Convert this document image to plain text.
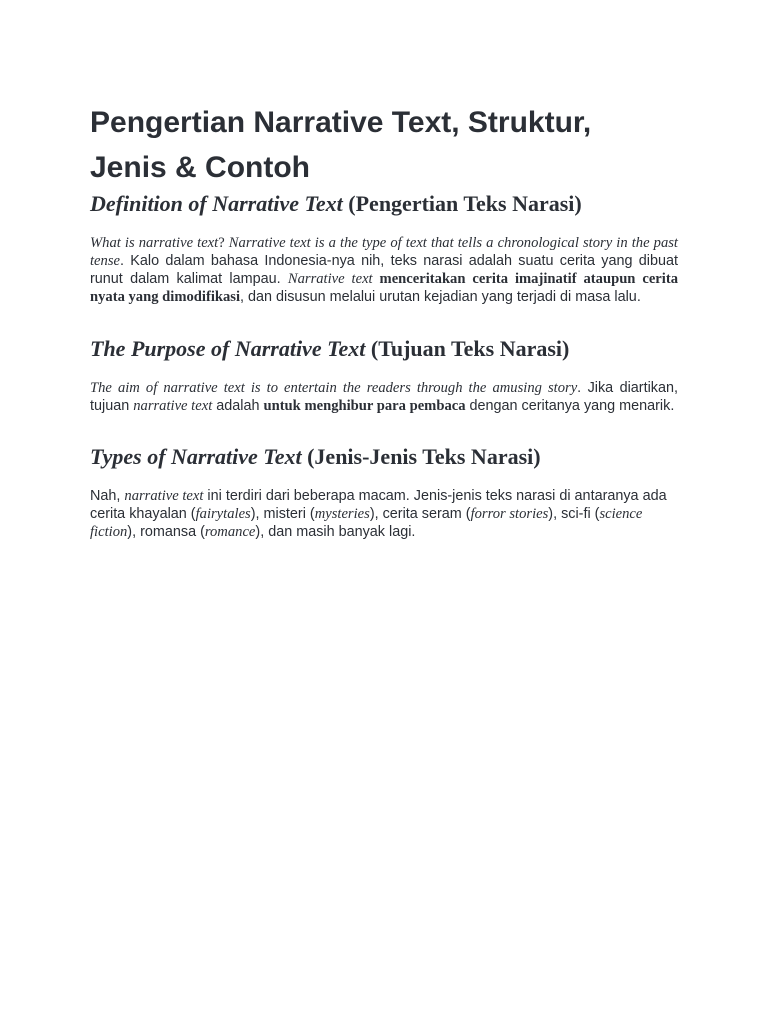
Pengertian Narrative Text, Struktur,
Jenis & Contoh
Definition of Narrative Text (Pengertian Teks Narasi)

What is narrative text? Narrative text is a the type of text that tells a chronological story in the past tense. Kalo dalam bahasa Indonesia-nya nih, teks narasi adalah suatu cerita yang dibuat runut dalam kalimat lampau. Narrative text menceritakan cerita imajinatif ataupun cerita nyata yang dimodifikasi, dan disusun melalui urutan kejadian yang terjadi di masa lalu.

The Purpose of Narrative Text (Tujuan Teks Narasi)

The aim of narrative text is to entertain the readers through the amusing story. Jika diartikan, tujuan narrative text adalah untuk menghibur para pembaca dengan ceritanya yang menarik.

Types of Narrative Text (Jenis-Jenis Teks Narasi)

Nah, narrative text ini terdiri dari beberapa macam. Jenis-jenis teks narasi di antaranya ada cerita khayalan (fairytales), misteri (mysteries), cerita seram (forror stories), sci-fi (science fiction), romansa (romance), dan masih banyak lagi.
